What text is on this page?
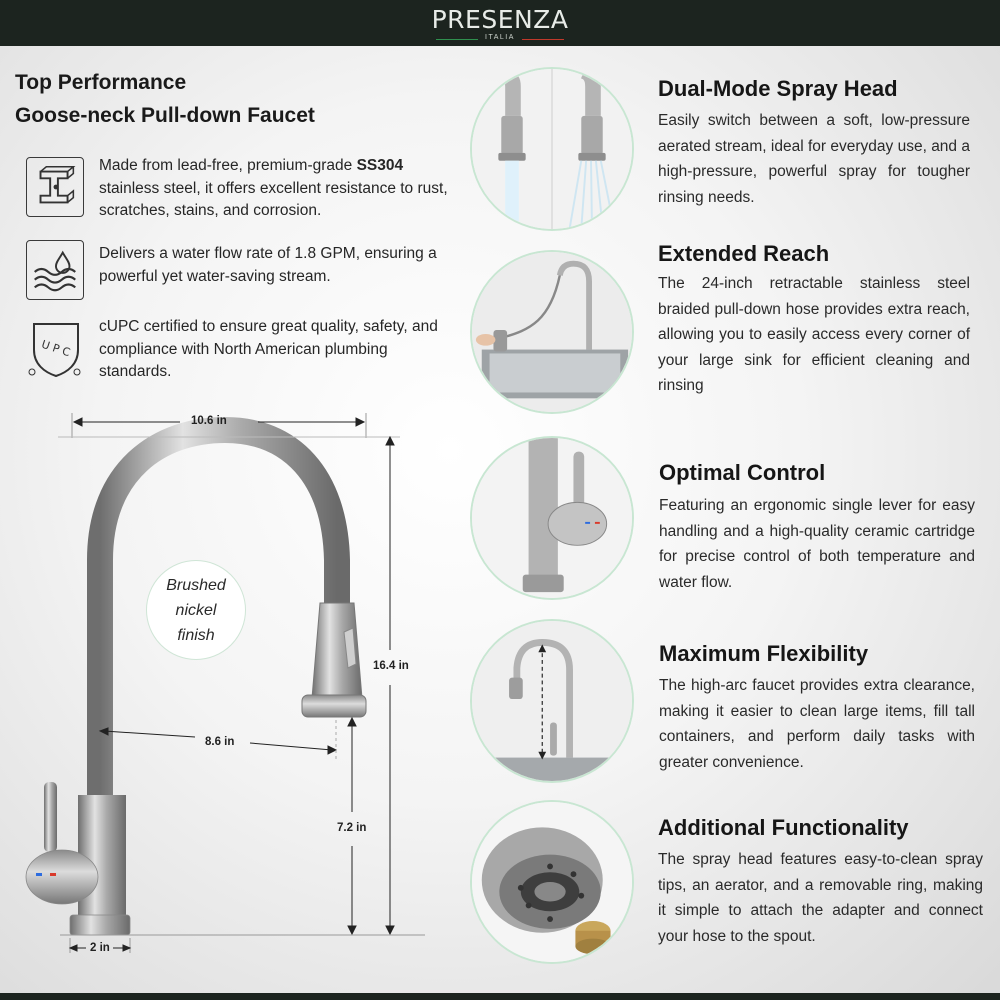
PRESENZA
ITALIA
Top Performance
Goose-neck Pull-down Faucet
Made from lead-free, premium-grade SS304 stainless steel, it offers excellent resistance to rust, scratches, stains, and corrosion.
Delivers a water flow rate of 1.8 GPM, ensuring a powerful yet water-saving stream.
U P C
cUPC certified to ensure great quality, safety, and compliance with North American plumbing standards.
10.6 in
16.4 in
8.6 in
7.2 in
2 in
Brushed
nickel
finish
Dual-Mode Spray Head
Easily switch between a soft, low-pressure aerated stream, ideal for everyday use, and a high-pressure, powerful spray for tougher rinsing needs.
Extended Reach
The 24-inch retractable stainless steel braided pull-down hose provides extra reach, allowing you to easily access every corner of your large sink for efficient cleaning and rinsing
Optimal Control
Featuring an ergonomic single lever for easy handling and a high-quality ceramic cartridge for precise control of both temperature and water flow.
Maximum Flexibility
The high-arc faucet provides extra clearance, making it easier to clean large items, fill tall containers, and perform daily tasks with greater convenience.
Additional Functionality
The spray head features easy-to-clean spray tips, an aerator, and a removable ring, making it simple to attach the adapter and connect your hose to the spout.
